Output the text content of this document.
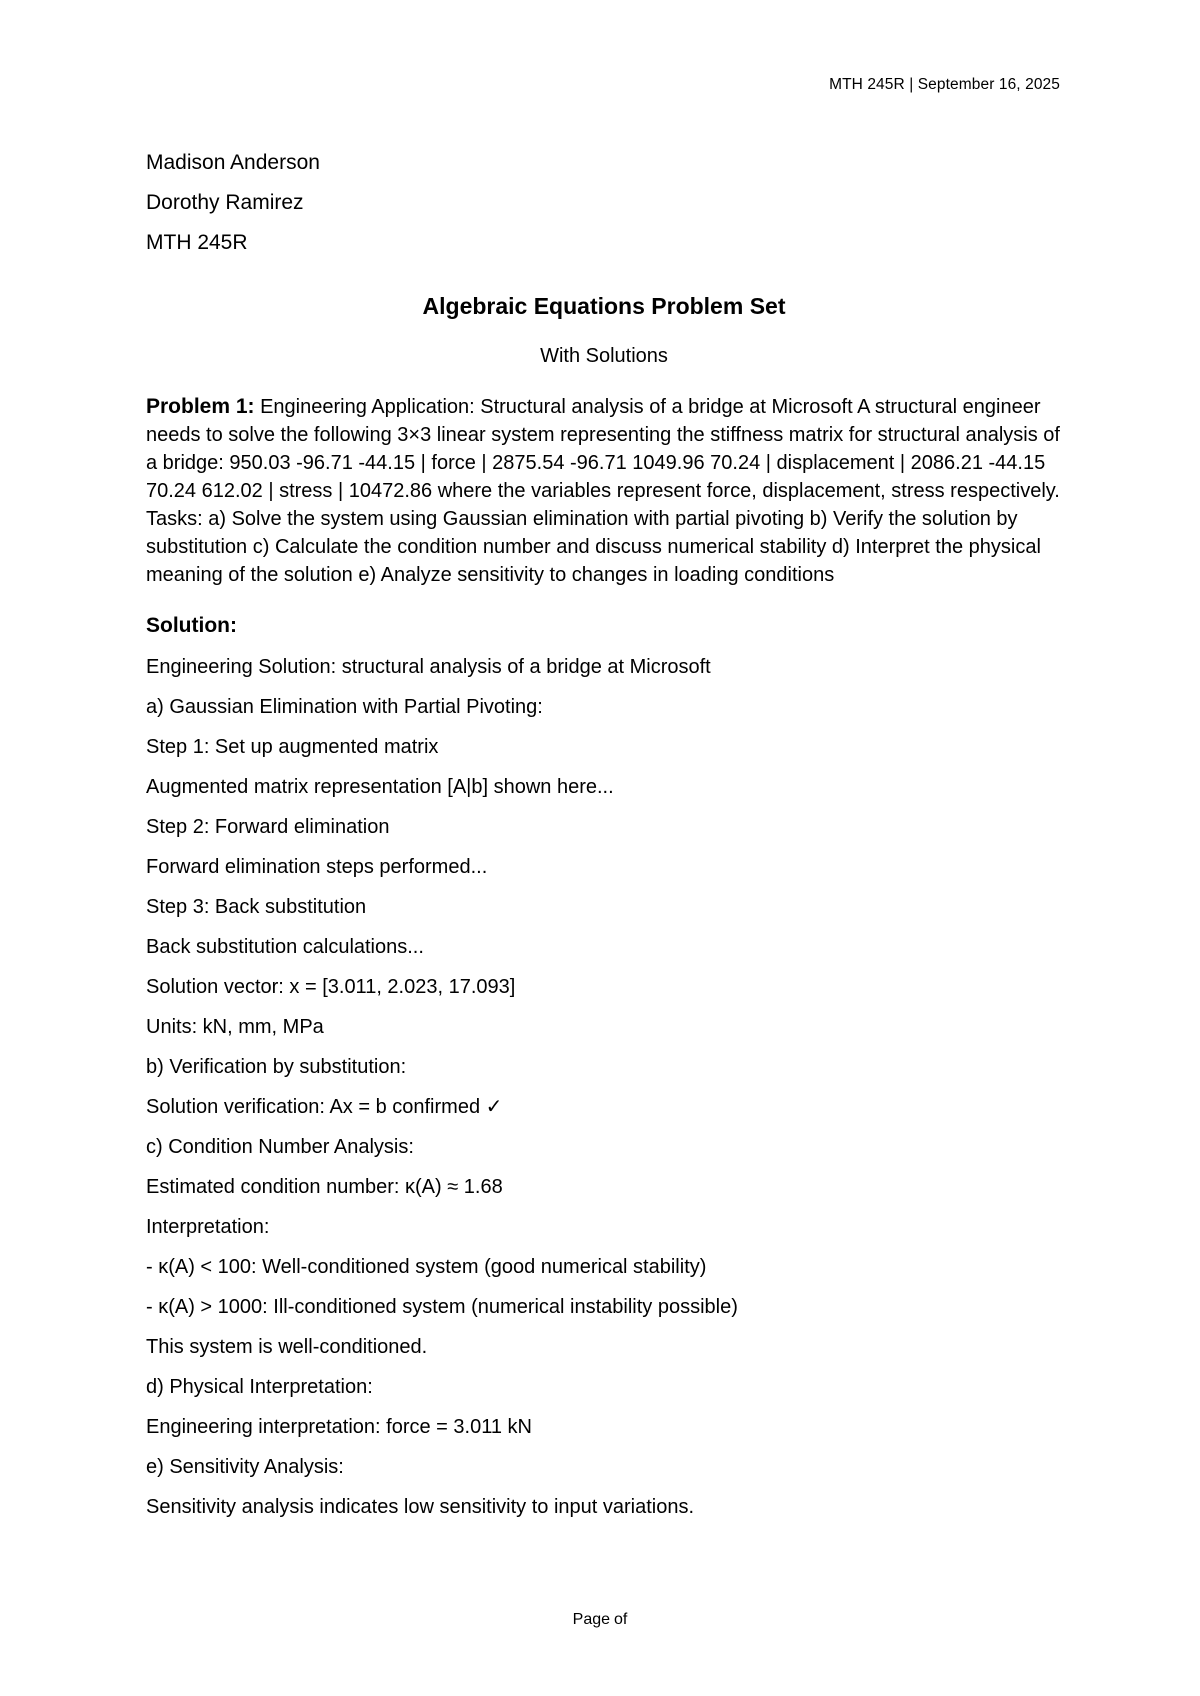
MTH 245R | September 16, 2025
Madison Anderson
Dorothy Ramirez
MTH 245R
Algebraic Equations Problem Set
With Solutions
Problem 1: Engineering Application: Structural analysis of a bridge at Microsoft A structural engineer needs to solve the following 3×3 linear system representing the stiffness matrix for structural analysis of a bridge: 950.03 -96.71 -44.15 | force | 2875.54 -96.71 1049.96 70.24 | displacement | 2086.21 -44.15 70.24 612.02 | stress | 10472.86 where the variables represent force, displacement, stress respectively. Tasks: a) Solve the system using Gaussian elimination with partial pivoting b) Verify the solution by substitution c) Calculate the condition number and discuss numerical stability d) Interpret the physical meaning of the solution e) Analyze sensitivity to changes in loading conditions
Solution:
Engineering Solution: structural analysis of a bridge at Microsoft
a) Gaussian Elimination with Partial Pivoting:
Step 1: Set up augmented matrix
Augmented matrix representation [A|b] shown here...
Step 2: Forward elimination
Forward elimination steps performed...
Step 3: Back substitution
Back substitution calculations...
Solution vector: x = [3.011, 2.023, 17.093]
Units: kN, mm, MPa
b) Verification by substitution:
Solution verification: Ax = b confirmed ✓
c) Condition Number Analysis:
Estimated condition number: κ(A) ≈ 1.68
Interpretation:
- κ(A) < 100: Well-conditioned system (good numerical stability)
- κ(A) > 1000: Ill-conditioned system (numerical instability possible)
This system is well-conditioned.
d) Physical Interpretation:
Engineering interpretation: force = 3.011 kN
e) Sensitivity Analysis:
Sensitivity analysis indicates low sensitivity to input variations.
Page of
